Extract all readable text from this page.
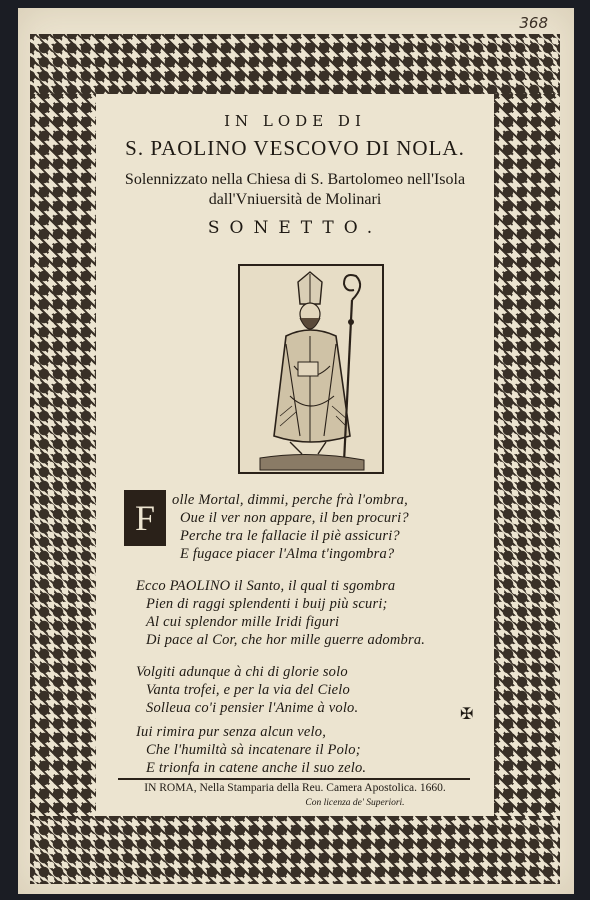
368
IN LODE DI
S. PAOLINO VESCOVO DI NOLA.
Solennizzato nella Chiesa di S. Bartolomeo nell'Isola
dall'Vniuersità de Molinari
SONETTO.
F	olle Mortal, dimmi, perche frà l'ombra,
Oue il ver non appare, il ben procuri?
Perche tra le fallacie il piè assicuri?
E fugace piacer l'Alma t'ingombra?
Ecco PAOLINO il Santo, il qual ti sgombra
Pien di raggi splendenti i buij più scuri;
Al cui splendor mille Iridi figuri
Di pace al Cor, che hor mille guerre adombra.
Volgiti adunque à chi di glorie solo
Vanta trofei, e per la via del Cielo
Solleua co'i pensier l'Anime à volo.	✠
Iui rimira pur senza alcun velo,
Che l'humiltà sà incatenare il Polo;
E trionfa in catene anche il suo zelo.
IN ROMA, Nella Stamparia della Reu. Camera Apostolica. 1660.
Con licenza de' Superiori.
